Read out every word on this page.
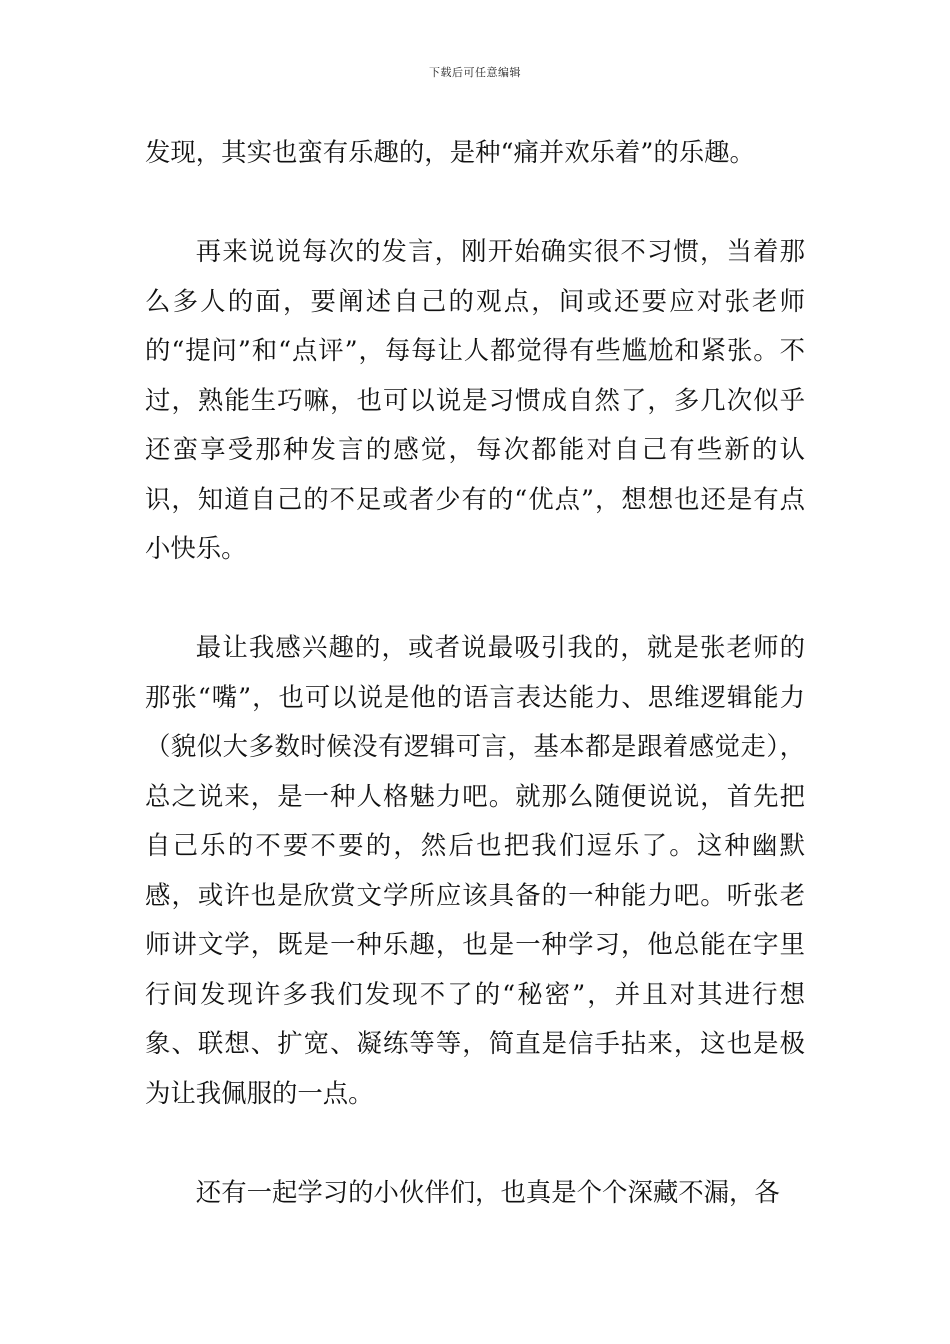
下载后可任意编辑

发现，其实也蛮有乐趣的，是种“痛并欢乐着”的乐趣。

再来说说每次的发言，刚开始确实很不习惯，当着那么多人的面，要阐述自己的观点，间或还要应对张老师的“提问”和“点评”，每每让人都觉得有些尴尬和紧张。不过，熟能生巧嘛，也可以说是习惯成自然了，多几次似乎还蛮享受那种发言的感觉，每次都能对自己有些新的认识，知道自己的不足或者少有的“优点”，想想也还是有点小快乐。

最让我感兴趣的，或者说最吸引我的，就是张老师的那张“嘴”，也可以说是他的语言表达能力、思维逻辑能力（貌似大多数时候没有逻辑可言，基本都是跟着感觉走），总之说来，是一种人格魅力吧。就那么随便说说，首先把自己乐的不要不要的，然后也把我们逗乐了。这种幽默感，或许也是欣赏文学所应该具备的一种能力吧。听张老师讲文学，既是一种乐趣，也是一种学习，他总能在字里行间发现许多我们发现不了的“秘密”，并且对其进行想象、联想、扩宽、凝练等等，简直是信手拈来，这也是极为让我佩服的一点。

还有一起学习的小伙伴们，也真是个个深藏不漏，各
